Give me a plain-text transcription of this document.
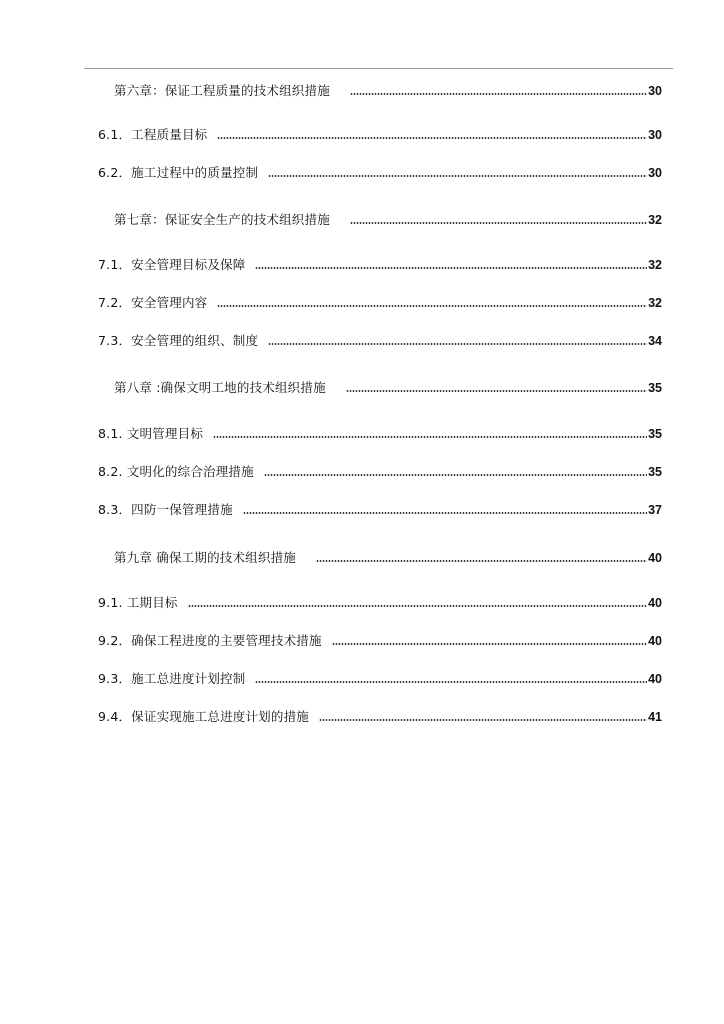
第六章：保证工程质量的技术组织措施	30
6.1．工程质量目标	30
6.2．施工过程中的质量控制	30
第七章：保证安全生产的技术组织措施	32
7.1．安全管理目标及保障	32
7.2．安全管理内容	32
7.3．安全管理的组织、制度	34
第八章 :确保文明工地的技术组织措施	35
8.1. 文明管理目标	35
8.2. 文明化的综合治理措施	35
8.3．四防一保管理措施	37
第九章 确保工期的技术组织措施	40
9.1. 工期目标	40
9.2．确保工程进度的主要管理技术措施	40
9.3．施工总进度计划控制	40
9.4．保证实现施工总进度计划的措施	41
